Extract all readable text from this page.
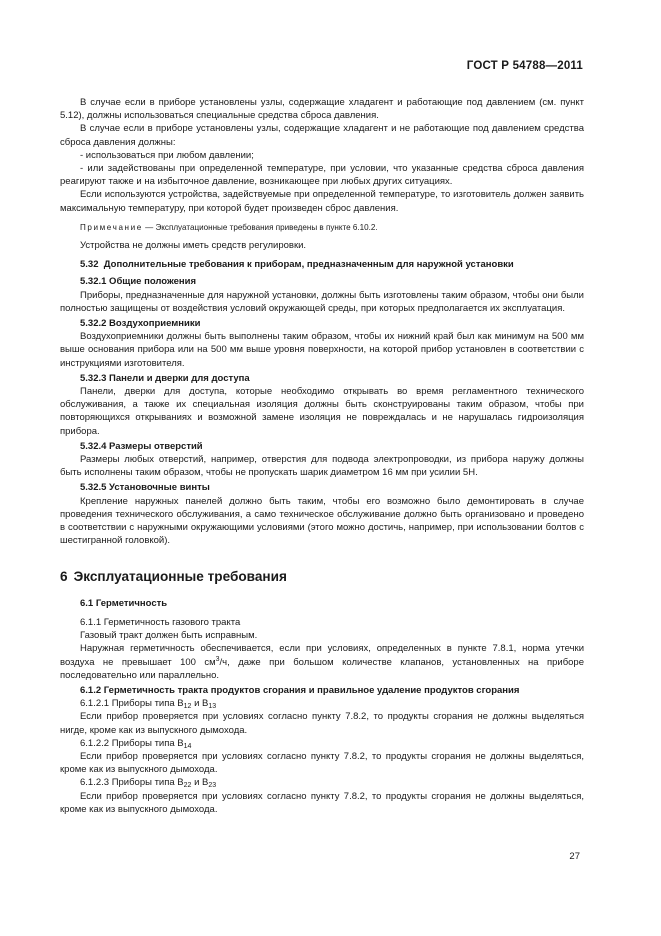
ГОСТ Р 54788—2011

В случае если в приборе установлены узлы, содержащие хладагент и работающие под давлением (см. пункт 5.12), должны использоваться специальные средства сброса давления.

В случае если в приборе установлены узлы, содержащие хладагент и не работающие под давлением средства сброса давления должны:

- использоваться при любом давлении;

- или задействованы при определенной температуре, при условии, что указанные средства сброса давления реагируют также и на избыточное давление, возникающее при любых других ситуациях.

Если используются устройства, задействуемые при определенной температуре, то изготовитель должен заявить максимальную температуру, при которой будет произведен сброс давления.

Примечание — Эксплуатационные требования приведены в пункте 6.10.2.

Устройства не должны иметь средств регулировки.

5.32 Дополнительные требования к приборам, предназначенным для наружной установки
5.32.1 Общие положения

Приборы, предназначенные для наружной установки, должны быть изготовлены таким образом, чтобы они были полностью защищены от воздействия условий окружающей среды, при которых предполагается их эксплуатация.

5.32.2 Воздухоприемники

Воздухоприемники должны быть выполнены таким образом, чтобы их нижний край был как минимум на 500 мм выше основания прибора или на 500 мм выше уровня поверхности, на которой прибор установлен в соответствии с инструкциями изготовителя.

5.32.3 Панели и дверки для доступа

Панели, дверки для доступа, которые необходимо открывать во время регламентного технического обслуживания, а также их специальная изоляция должны быть сконструированы таким образом, чтобы при повторяющихся открываниях и возможной замене изоляция не повреждалась и не нарушалась гидроизоляция прибора.

5.32.4 Размеры отверстий

Размеры любых отверстий, например, отверстия для подвода электропроводки, из прибора наружу должны быть исполнены таким образом, чтобы не пропускать шарик диаметром 16 мм при усилии 5Н.

5.32.5 Установочные винты

Крепление наружных панелей должно быть таким, чтобы его возможно было демонтировать в случае проведения технического обслуживания, а само техническое обслуживание должно быть организовано и проведено в соответствии с наружными окружающими условиями (этого можно достичь, например, при использовании болтов с шестигранной головкой).

6 Эксплуатационные требования
6.1 Герметичность

6.1.1 Герметичность газового тракта

Газовый тракт должен быть исправным.

Наружная герметичность обеспечивается, если при условиях, определенных в пункте 7.8.1, норма утечки воздуха не превышает 100 $см^3/ч$, даже при большом количестве клапанов, установленных на приборе последовательно или параллельно.

6.1.2 Герметичность тракта продуктов сгорания и правильное удаление продуктов сгорания

6.1.2.1 Приборы типа $В_{12}$ и $В_{13}$

Если прибор проверяется при условиях согласно пункту 7.8.2, то продукты сгорания не должны выделяться нигде, кроме как из выпускного дымохода.

6.1.2.2 Приборы типа $В_{14}$

Если прибор проверяется при условиях согласно пункту 7.8.2, то продукты сгорания не должны выделяться, кроме как из выпускного дымохода.

6.1.2.3 Приборы типа $В_{22}$ и $В_{23}$

Если прибор проверяется при условиях согласно пункту 7.8.2, то продукты сгорания не должны выделяться, кроме как из выпускного дымохода.

27
